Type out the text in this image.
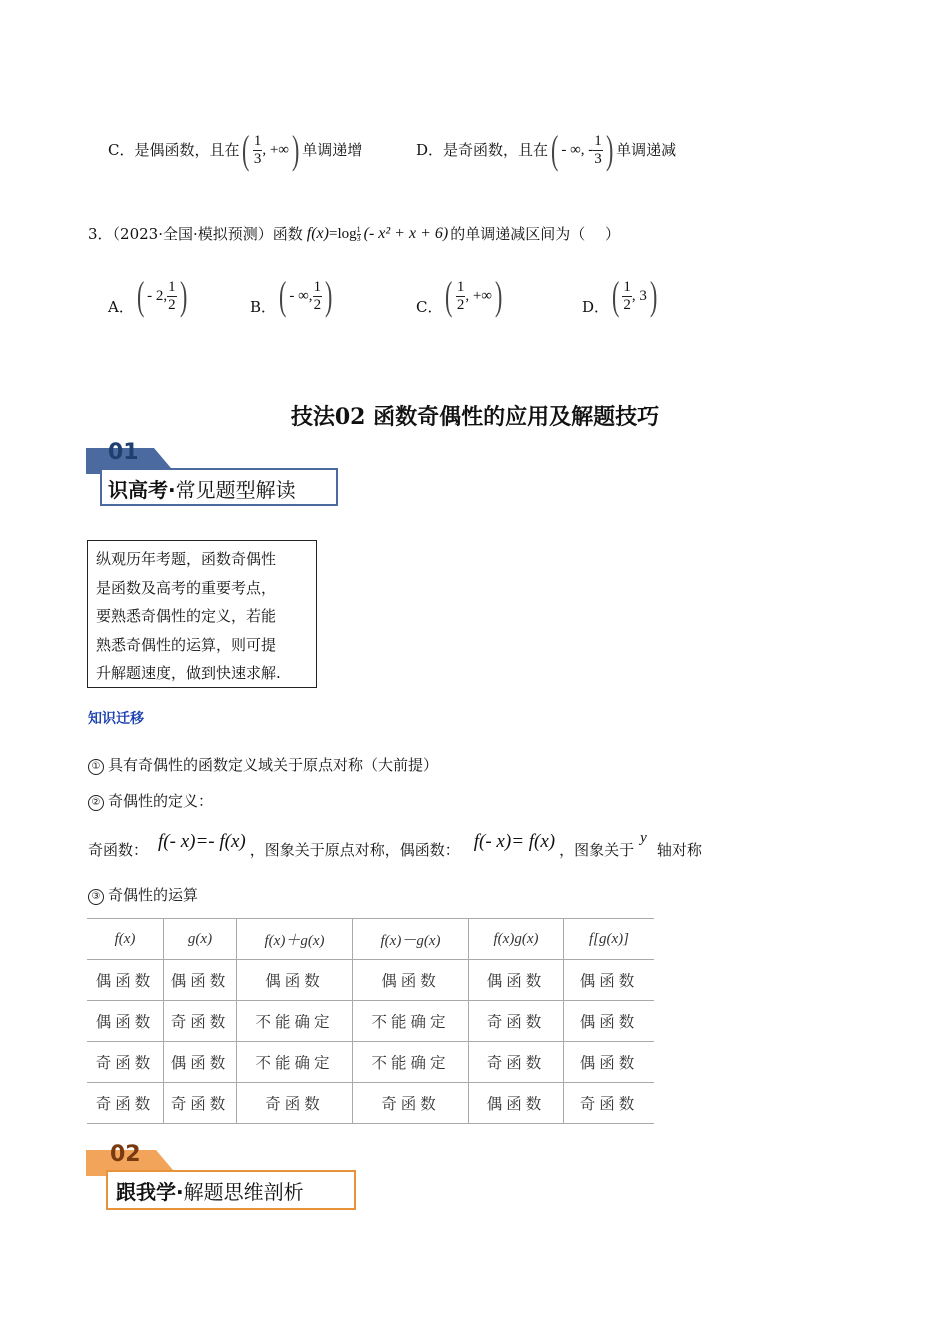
C．是偶函数，且在 ( $\frac{1}{3}$ , +∞ ) 单调递增	D．是奇函数，且在 ( - ∞, - $\frac{1}{3}$ ) 单调递减
3．（2023·全国·模拟预测）函数 f (x) =log 1
3 (- x² + x + 6) 的单调递减区间为（　 ）
A． ( - 2, $\frac{1}{2}$ )	B． ( - ∞, $\frac{1}{2}$ )	C． ( $\frac{1}{2}$ , +∞ )	D． ( $\frac{1}{2}$ , 3 )
技法02 函数奇偶性的应用及解题技巧
01
识高考·常见题型解读
纵观历年考题，函数奇偶性
是函数及高考的重要考点，
要熟悉奇偶性的定义，若能
熟悉奇偶性的运算，则可提
升解题速度，做到快速求解.
知识迁移
① 具有奇偶性的函数定义域关于原点对称（大前提）
② 奇偶性的定义：
奇函数： f(- x)=- f(x) ，图象关于原点对称，偶函数： f(- x)= f(x) ，图象关于
y
轴对称
③ 奇偶性的运算
f(x)	g(x)	f(x)＋g(x)	f(x)－g(x)	f(x)g(x)	f[g(x)]
偶函数	偶函数	偶函数	偶函数	偶函数	偶函数
偶函数	奇函数	不能确定	不能确定	奇函数	偶函数
奇函数	偶函数	不能确定	不能确定	奇函数	偶函数
奇函数	奇函数	奇函数	奇函数	偶函数	奇函数
02
跟我学·解题思维剖析
